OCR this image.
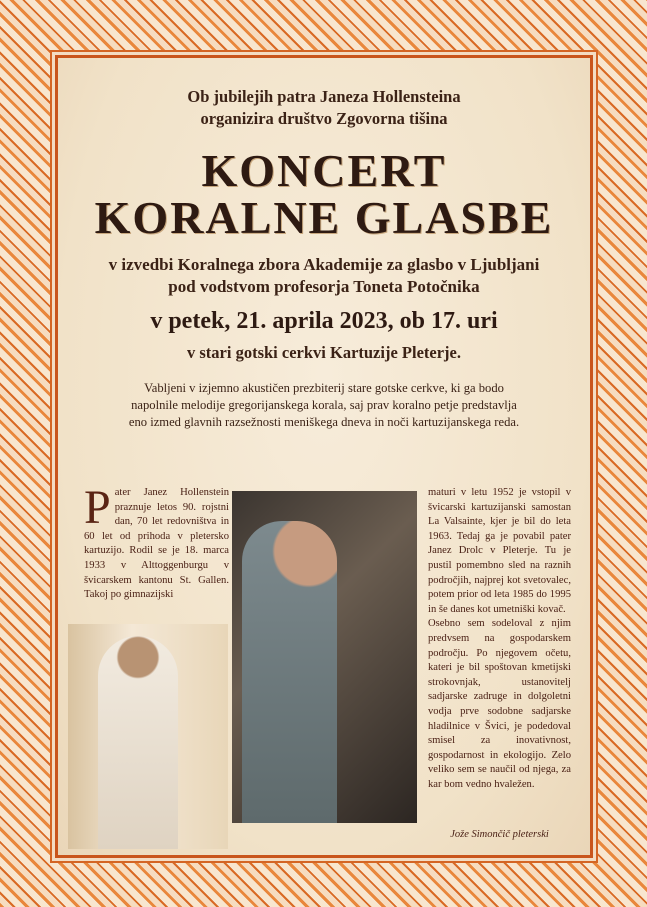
Ob jubilejih patra Janeza Hollensteina
organizira društvo Zgovorna tišina
KONCERT
KORALNE GLASBE
v izvedbi Koralnega zbora Akademije za glasbo v Ljubljani
pod vodstvom profesorja Toneta Potočnika
v petek, 21. aprila 2023, ob 17. uri
v stari gotski cerkvi Kartuzije Pleterje.
Vabljeni v izjemno akustičen prezbiterij stare gotske cerkve, ki ga bodo
napolnile melodije gregorijanskega korala, saj prav koralno petje predstavlja
eno izmed glavnih razsežnosti meniškega dneva in noči kartuzijanskega reda.
Pater Janez Hollenstein praznuje letos 90. rojstni dan, 70 let redovništva in 60 let od prihoda v pletersko kartuzijo. Rodil se je 18. marca 1933 v Alttoggenburgu v švicarskem kantonu St. Gallen. Takoj po gimnazijski

maturi v letu 1952 je vstopil v švicarski kartuzijanski samostan La Valsainte, kjer je bil do leta 1963. Tedaj ga je povabil pater Janez Drolc v Pleterje. Tu je pustil pomembno sled na raznih področjih, najprej kot svetovalec, potem prior od leta 1985 do 1995 in še danes kot umetniški kovač.

Osebno sem sodeloval z njim predvsem na gospodarskem področju. Po njegovem očetu, kateri je bil spoštovan kmetijski strokovnjak, ustanovitelj sadjarske zadruge in dolgoletni vodja prve sodobne sadjarske hladilnice v Švici, je podedoval smisel za inovativnost, gospodarnost in ekologijo. Zelo veliko sem se naučil od njega, za kar bom vedno hvaležen.

Jože Simončič pleterski
